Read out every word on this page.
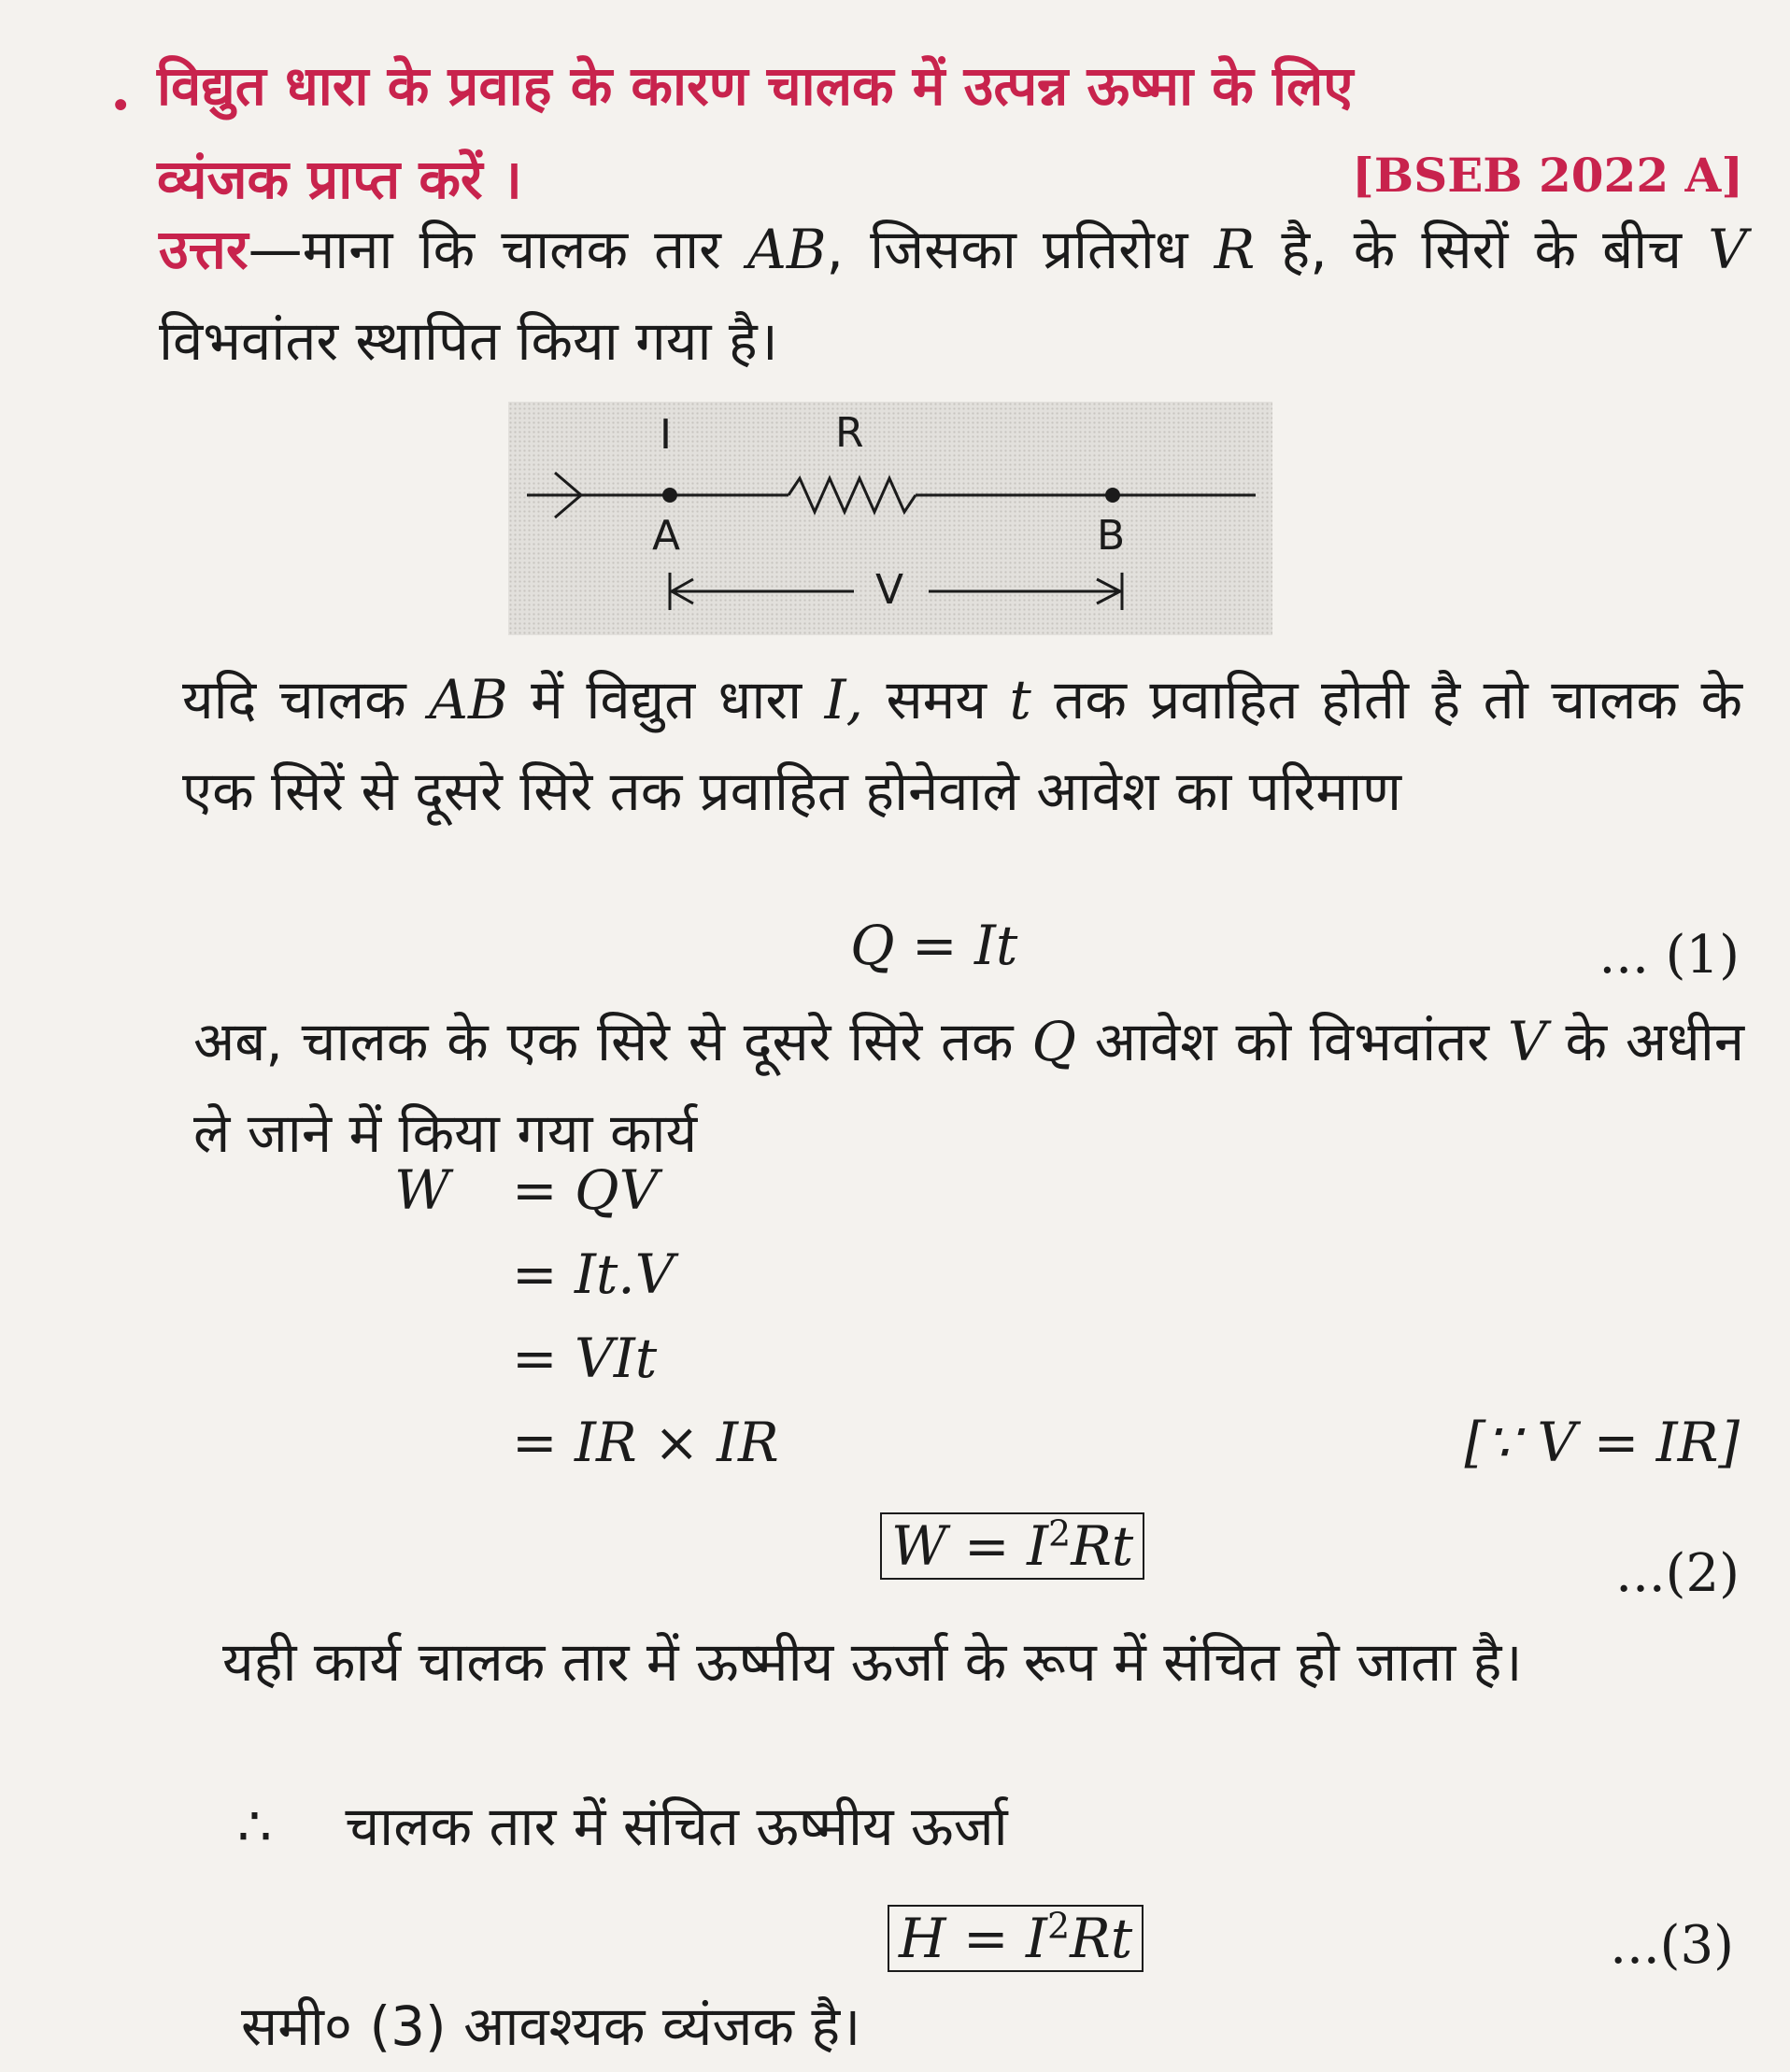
. विद्युत धारा के प्रवाह के कारण चालक में उत्पन्न ऊष्मा के लिए
व्यंजक प्राप्त करें ।	[BSEB 2022 A]
उत्तर—माना कि चालक तार AB, जिसका प्रतिरोध R है, के सिरों के बीच V विभवांतर स्थापित किया गया है।
I	R
A	B
V
यदि चालक AB में विद्युत धारा I, समय t तक प्रवाहित होती है तो चालक के एक सिरें से दूसरे सिरे तक प्रवाहित होनेवाले आवेश का परिमाण
Q = It	... (1)
अब, चालक के एक सिरे से दूसरे सिरे तक Q आवेश को विभवांतर V के अधीन ले जाने में किया गया कार्य
W = QV
= It.V
= VIt
= IR × IR	[∵ V = IR]
$W = I^2Rt$	...(2)
यही कार्य चालक तार में ऊष्मीय ऊर्जा के रूप में संचित हो जाता है।
∴ चालक तार में संचित ऊष्मीय ऊर्जा
$H = I^2Rt$	...(3)
समी० (3) आवश्यक व्यंजक है।
